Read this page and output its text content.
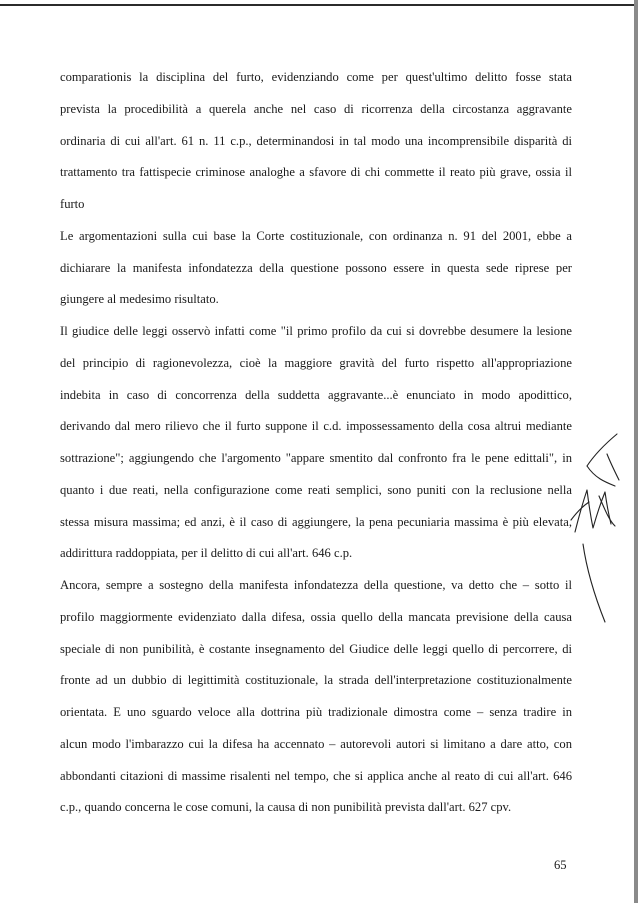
comparationis la disciplina del furto, evidenziando come per quest'ultimo delitto fosse stata
prevista la procedibilità a querela anche nel caso di ricorrenza della circostanza aggravante
ordinaria di cui all'art. 61 n. 11 c.p., determinandosi in tal modo una incomprensibile disparità di
trattamento tra fattispecie criminose analoghe a sfavore di chi commette il reato più grave, ossia il
furto
Le argomentazioni sulla cui base la Corte costituzionale, con ordinanza n. 91 del 2001, ebbe a
dichiarare la manifesta infondatezza della questione possono essere in questa sede riprese per
giungere al medesimo risultato.
Il giudice delle leggi osservò infatti come "il primo profilo da cui si dovrebbe desumere la lesione
del principio di ragionevolezza, cioè la maggiore gravità del furto rispetto all'appropriazione
indebita in caso di concorrenza della suddetta aggravante...è enunciato in modo apodittico,
derivando dal mero rilievo che il furto suppone il c.d. impossessamento della cosa altrui mediante
sottrazione"; aggiungendo che l'argomento "appare smentito dal confronto fra le pene edittali", in
quanto i due reati, nella configurazione come reati semplici, sono puniti con la reclusione nella
stessa misura massima; ed anzi, è il caso di aggiungere, la pena pecuniaria massima è più elevata,
addirittura raddoppiata, per il delitto di cui all'art. 646 c.p.
Ancora, sempre a sostegno della manifesta infondatezza della questione, va detto che – sotto il
profilo maggiormente evidenziato dalla difesa, ossia quello della mancata previsione della causa
speciale di non punibilità, è costante insegnamento del Giudice delle leggi quello di percorrere, di
fronte ad un dubbio di legittimità costituzionale, la strada dell'interpretazione costituzionalmente
orientata. E uno sguardo veloce alla dottrina più tradizionale dimostra come – senza tradire in
alcun modo l'imbarazzo cui la difesa ha accennato – autorevoli autori si limitano a dare atto, con
abbondanti citazioni di massime risalenti nel tempo, che si applica anche al reato di cui all'art. 646
c.p., quando concerna le cose comuni, la causa di non punibilità prevista dall'art. 627 cpv.
65
